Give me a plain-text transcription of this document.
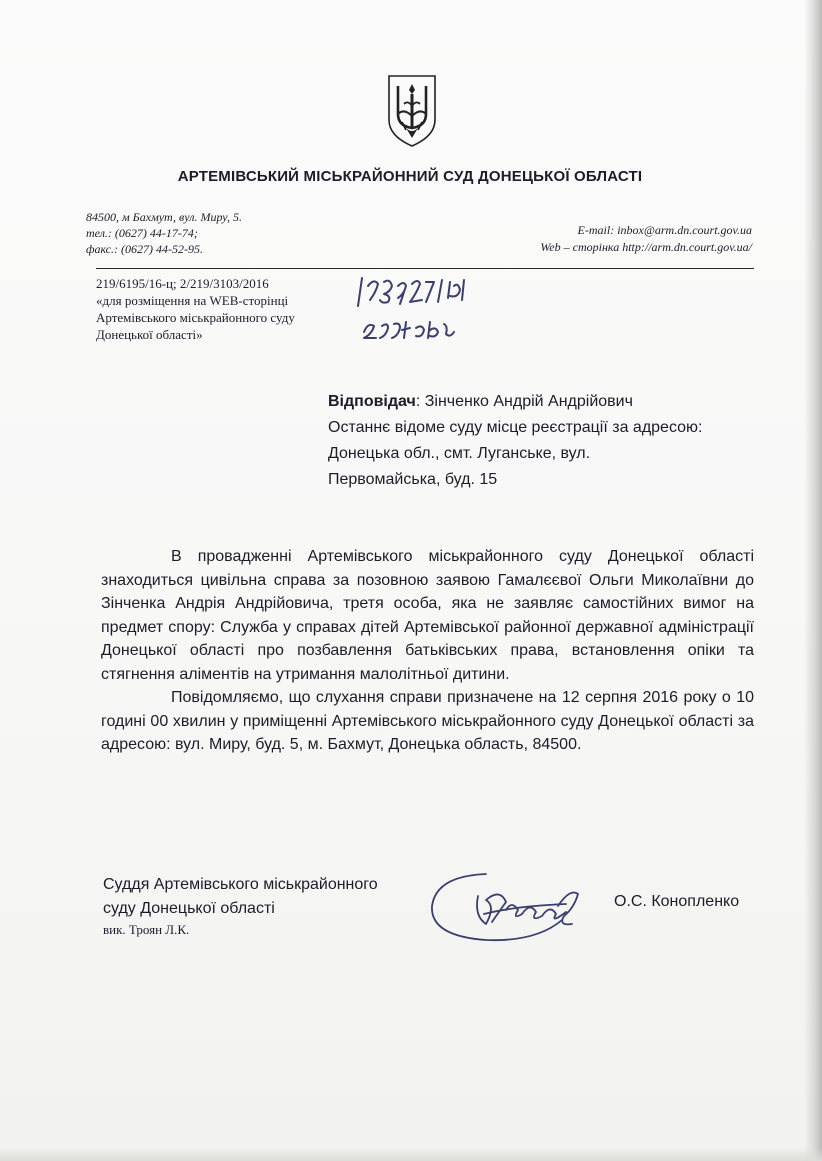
АРТЕМІВСЬКИЙ МІСЬКРАЙОННИЙ СУД ДОНЕЦЬКОЇ ОБЛАСТІ
84500, м Бахмут, вул. Миру, 5.
тел.: (0627) 44-17-74;
факс.: (0627) 44-52-95.
E-mail: inbox@arm.dn.court.gov.ua
Web – сторінка http://arm.dn.court.gov.ua/
219/6195/16-ц; 2/219/3103/2016
«для розміщення на WEB-сторінці
Артемівського міськрайонного суду
Донецької області»
Відповідач: Зінченко Андрій Андрійович
Останнє відоме суду місце реєстрації за адресою:
Донецька обл., смт. Луганське, вул.
Первомайська, буд. 15

В провадженні Артемівського міськрайонного суду Донецької області знаходиться цивільна справа за позовною заявою Гамалєєвої Ольги Миколаївни до Зінченка Андрія Андрійовича, третя особа, яка не заявляє самостійних вимог на предмет спору: Служба у справах дітей Артемівської районної державної адміністрації Донецької області про позбавлення батьківських права, встановлення опіки та стягнення аліментів на утримання малолітньої дитини.

Повідомляємо, що слухання справи призначене на 12 серпня 2016 року о 10 годині 00 хвилин у приміщенні Артемівського міськрайонного суду Донецької області за адресою: вул. Миру, буд. 5, м. Бахмут, Донецька область, 84500.

Суддя Артемівського міськрайонного
суду Донецької області
вик. Троян Л.К.
О.С. Конопленко
